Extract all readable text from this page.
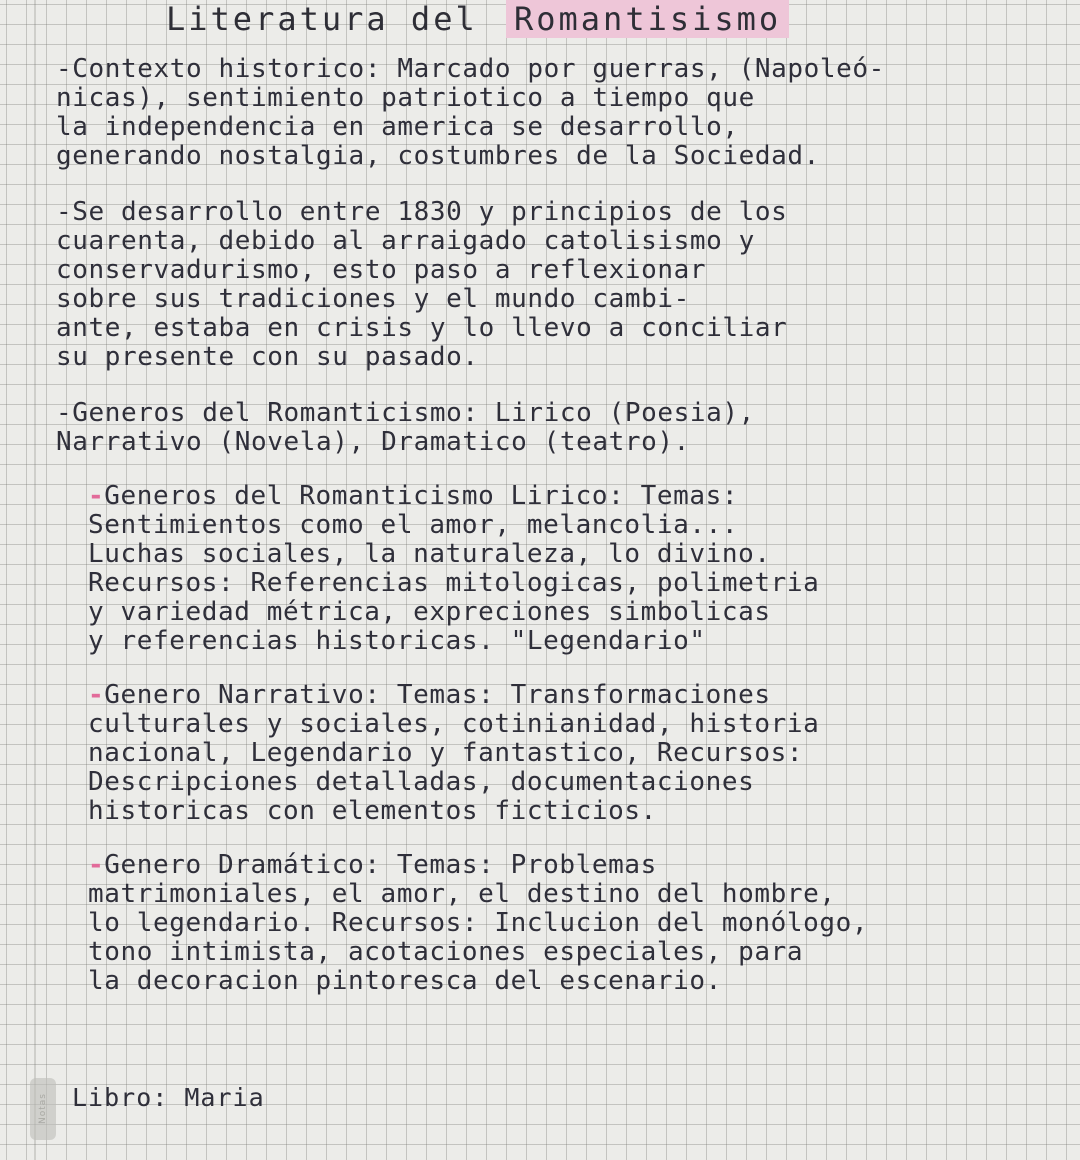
Literatura del Romantisismo

-Contexto historico: Marcado por guerras, (Napoleó-

nicas), sentimiento patriotico a tiempo que

la independencia en america se desarrollo,

generando nostalgia, costumbres de la Sociedad.

-Se desarrollo entre 1830 y principios de los

cuarenta, debido al arraigado catolisismo y

conservadurismo, esto paso a reflexionar

sobre sus tradiciones y el mundo cambi-

ante, estaba en crisis y lo llevo a conciliar

su presente con su pasado.

-Generos del Romanticismo: Lirico (Poesia),

Narrativo (Novela), Dramatico (teatro).

-Generos del Romanticismo Lirico: Temas:

Sentimientos como el amor, melancolia...

Luchas sociales, la naturaleza, lo divino.

Recursos: Referencias mitologicas, polimetria

y variedad métrica, expreciones simbolicas

y referencias historicas. "Legendario"

-Genero Narrativo: Temas: Transformaciones

culturales y sociales, cotinianidad, historia

nacional, Legendario y fantastico, Recursos:

Descripciones detalladas, documentaciones

historicas con elementos ficticios.

-Genero Dramático: Temas: Problemas

matrimoniales, el amor, el destino del hombre,

lo legendario. Recursos: Inclucion del monólogo,

tono intimista, acotaciones especiales, para

la decoracion pintoresca del escenario.

Libro: Maria
Notas
